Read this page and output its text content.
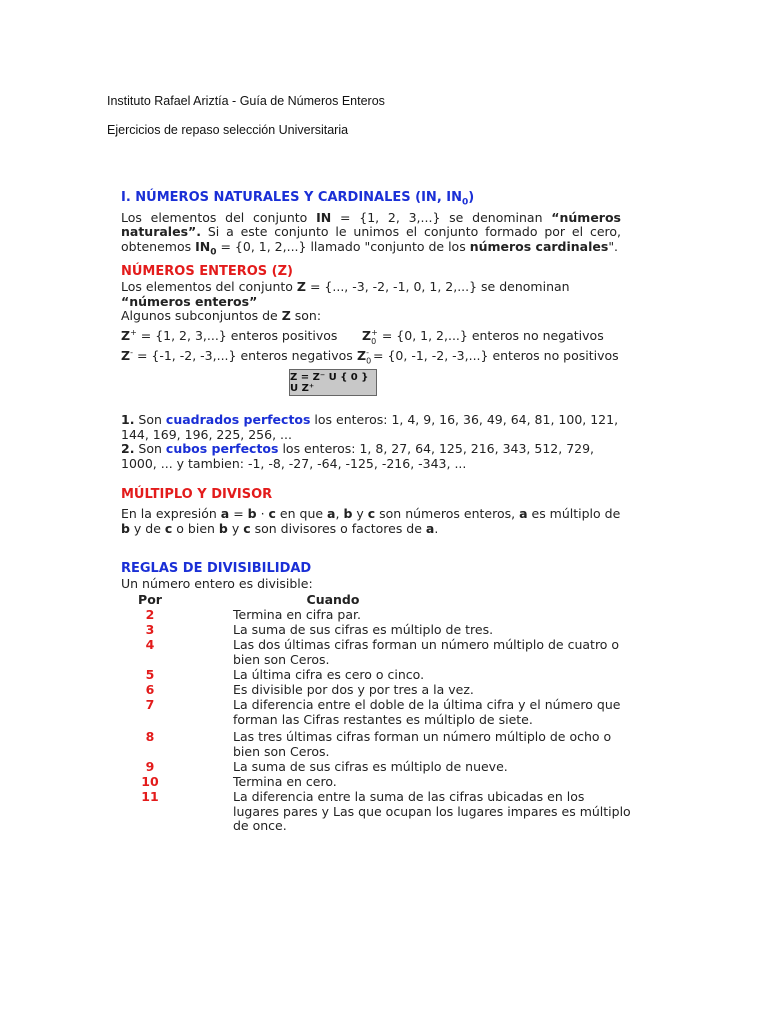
Instituto Rafael Ariztía - Guía de Números Enteros
Ejercicios de repaso selección Universitaria
I. NÚMEROS NATURALES Y CARDINALES (IN, $IN_0$)
Los elementos del conjunto IN = {1, 2, 3,...} se denominan “números naturales”. Si a este conjunto le unimos el conjunto formado por el cero, obtenemos $IN_0 = \{0$, 1, 2,...} llamado "conjunto de los números cardinales".
NÚMEROS ENTEROS (Z)
Los elementos del conjunto Z = {..., -3, -2, -1, 0, 1, 2,...} se denominan
“números enteros”
Algunos subconjuntos de Z son:
Z+ = {1, 2, 3,...} enteros positivos $Z_0^+ = \{0$, 1, 2,...} enteros no negativos
Z- = {-1, -2, -3,...} enteros negativos $Z_0^- = \{0$, -1, -2, -3,...} enteros no positivos
Z = Z⁻ U { 0 } U Z⁺
1. Son cuadrados perfectos los enteros: 1, 4, 9, 16, 36, 49, 64, 81, 100, 121, 144, 169, 196, 225, 256, ...
2. Son cubos perfectos los enteros: 1, 8, 27, 64, 125, 216, 343, 512, 729, 1000, ... y tambien: -1, -8, -27, -64, -125, -216, -343, ...
MÚLTIPLO Y DIVISOR
En la expresión a = b · c en que a, b y c son números enteros, a es múltiplo de b y de c o bien b y c son divisores o factores de a.
REGLAS DE DIVISIBILIDAD
Un número entero es divisible:
Por	Cuando
2	Termina en cifra par.
3	La suma de sus cifras es múltiplo de tres.
4	Las dos últimas cifras forman un número múltiplo de cuatro o bien son Ceros.
5	La última cifra es cero o cinco.
6	Es divisible por dos y por tres a la vez.
7	La diferencia entre el doble de la última cifra y el número que forman las Cifras restantes es múltiplo de siete.
8	Las tres últimas cifras forman un número múltiplo de ocho o bien son Ceros.
9	La suma de sus cifras es múltiplo de nueve.
10	Termina en cero.
11	La diferencia entre la suma de las cifras ubicadas en los lugares pares y Las que ocupan los lugares impares es múltiplo de once.
